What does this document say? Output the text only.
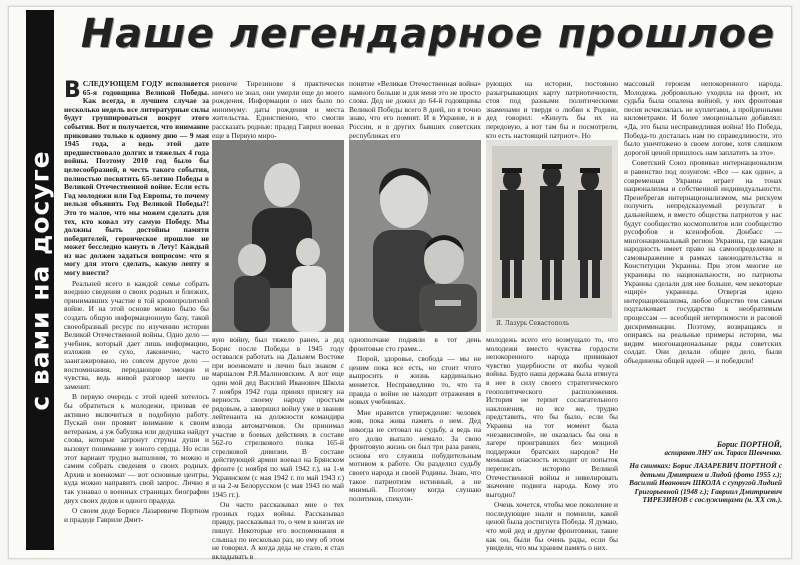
с вами на досуге
Наше легендарное прошлое

ВСЛЕДУЮЩЕМ ГОДУ исполняется 65-я годовщина Великой Победы. Как всегда, в лучшем случае за несколько недель все литературные силы будут группироваться вокруг этого события. Вот и получается, что внимание приковано только к одному дню — 9 мая 1945 года, а ведь этой дате предшествовало долгих и тяжелых 4 года войны. Поэтому 2010 год было бы целесообразней, в честь такого события, полностью посвятить 65-летию Победы в Великой Отечественной войне. Если есть Год молодежи или Год Европы, то почему нельзя объявить Год Великой Победы?! Это то малое, что мы можем сделать для тех, кто ковал эту самую Победу. Мы должны быть достойны памяти победителей, героическое прошлое не может бесследно кануть в Лету! Каждый из нас должен задаться вопросом: что я могу для этого сделать, какую лепту я могу внести?

Реальней всего в каждой семье собрать воедино сведения о своих родных и близких, принимавших участие в той кровопролитной войне. И на этой основе можно было бы создать общую информационную базу, такой своеобразный ресурс по изучению истории Великой Отечественной войны. Одно дело — учебник, который дает лишь информацию, изложив ее сухо, лаконично, часто заангажировано, но совсем другое дело — воспоминания, передающие эмоции и чувства, ведь живой разговор ничто не заменит.

В первую очередь с этой идеей хотелось бы обратиться к молодежи, призвав ее активно включиться в подобную работу. Пускай они проявят внимание к своим ветеранам, а уж бабушка или дедушка найдут слова, которые затронут струны души и вызовут понимание у юного сердца. Но если этот вариант трудно выполним, то можно и самим собрать сведения о своих родных. Архив и военкомат — вот основные центры, куда можно направить свой запрос. Лично я так узнавал о военных страницах биографии двух своих дедов и одного прадеда.

О своем деде Борисе Лазаревиче Портном и прадеде Гавриле Дмит-

риевиче Тирезинове я практически ничего не знал, они умерли еще до моего рождения. Информации о них было по минимуму: даты рождения и места жительства. Единственно, что смогли рассказать родные: прадед Гаврил воевал еще в Первую миро-

понятие «Великая Отечественная война» намного больше и для меня это не просто слова. Дед не дожил до 64-й годовщины Великой Победы всего 8 дней, но я точно знаю, что его помнят. И в Украине, и в России, и в других бывших советских республиках его

рующих на истории, постоянно разыгрывающих карту патриотичности, стоя под разными политическими знаменами и твердя о любви к Родине, дед говорил: «Кинуть бы их на передовую, а вот там бы и посмотрели, кто есть настоящий патриот». Но

Я. Лазурь Севастополь

вую войну, был тяжело ранен, а дед Борис после Победы в 1945 году оставался работать на Дальнем Востоке при военкомате и лично был знаком с маршалом Р.Я.Малиновским. А вот еще один мой дед Василий Иванович Школа 7 ноября 1942 года принял присягу на верность своему народу простым рядовым, а завершил войну уже в звании лейтенанта на должности командира взвода автоматчиков. Он принимал участие в боевых действиях в составе 562-го стрелкового полка 165-й стрелковой дивизии. В составе действующей армии воевал на Брянском фронте (с ноября по май 1942 г.), на 1-м Украинском (с мая 1942 г. по май 1943 г.) и на 2-м Белорусском (с мая 1943 по май 1945 гг.).

Он часто рассказывал мне о тех грозных годах войны. Рассказывал правду, рассказывал то, о чем в книгах не пишут. Некоторые его воспоминания я слышал по несколько раз, но ему об этом не говорил. А когда деда не стало, я стал вкладывать в

однополчане подняли в тот день фронтовые сто грамм...

Порой, здоровье, свобода — мы не ценим пока все есть, но стоит чтото выпросить и жизнь кардинально меняется. Несправедливо то, что та правда о войне не находит отражения в новых учебниках.

Мне нравится утверждение: человек жив, пока жива память о нем. Дед никогда не сетовал на судьбу, а ведь на его долю выпало немало. За свою фронтовую жизнь он был три раза ранен, основа его служила побудительным мотивом к работе. Он разделил судьбу своего народа и своей Родины. Знаю, что такое патриотизм истинный, а не мнимый. Поэтому когда слушаю политиков, спекули-

молодежь всего его возмущало то, что молодежи вместо чувства гордости непокоренного народа прививают чувство ущербности от якобы чужой войны. Будто наша держава была втянута в нее в силу своего стратегического геополитического расположения. История не терпит сослагательного наклонения, но все же, трудно представить, что бы было, если бы Украина на тот момент была «независимой», не оказалась бы она в лагере проигравших без мощной поддержки братских народов? Не меньшая опасность исходит от попыток переписать историю Великой Отечественной войны и нивелировать значение подвига народа. Кому это выгодно?

Очень хочется, чтобы мое поколение и последующие знали и помнили, какой ценой была достигнута Победа. Я думаю, что мой дед и другие фронтовики, такие как он, были бы очень рады, если бы увидели, что мы храним память о них.

массовый героизм непокоренного народа. Молодежь добровольно уходила на фронт, их судьба была опалена войной, у них фронтовая песня исчислялась не куплетами, а пройденными километрами. И более эмоционально добавлял: «Да, это была несправедливая война! Но Победа, Победа-то досталась нам по справедливости, это было уничтожено в своем логове, хотя слишком дорогой ценой пришлось нам заплатить за это».

Советский Союз провивал интернационализм и равенство под лозунгом: «Все — как один», а современная Украина играет на тонах национализма и собственной индивидуальности. Пренебрегая интернационализмом, мы рискуем получить непредсказуемый результат в дальнейшем, и вместо общества патриотов у нас будут сообщество космополитов или сообщество русофобов и ксенофобов. Донбасс — многонациональный регион Украины, где каждая народность имеет право на самоопределение и самовыражение в рамках законодательства и Конституции Украины. При этом многие не украинцы по национальности, но патриоты Украины сделали для нее больше, чем некоторые «щирі» украинцы. Отвергая идею интернационализма, любое общество тем самым подталкивает государство к необратимым процессам — всеобщей нетерпимости и расовой дискриминации. Поэтому, возвращаясь и опираясь на реальные примеры истории, мы видим многонациональные ряды советских солдат. Они делали общее дело, были объединены общей идеей — и победили!

Борис ПОРТНОЙ,
аспирант ЛНУ им. Тараса Шевченко.
На снимках: Борис ЛАЗАРЕВИЧ ПОРТНОЙ с детьми Дмитрием и Лидой (фото 1955 г.); Василий Иванович ШКОЛА с супругой Лидией Григорьевной (1948 г.); Гавриил Дмитриевич ТИРЕЗИНОВ с сослуживцами (н. ХХ ст.).
